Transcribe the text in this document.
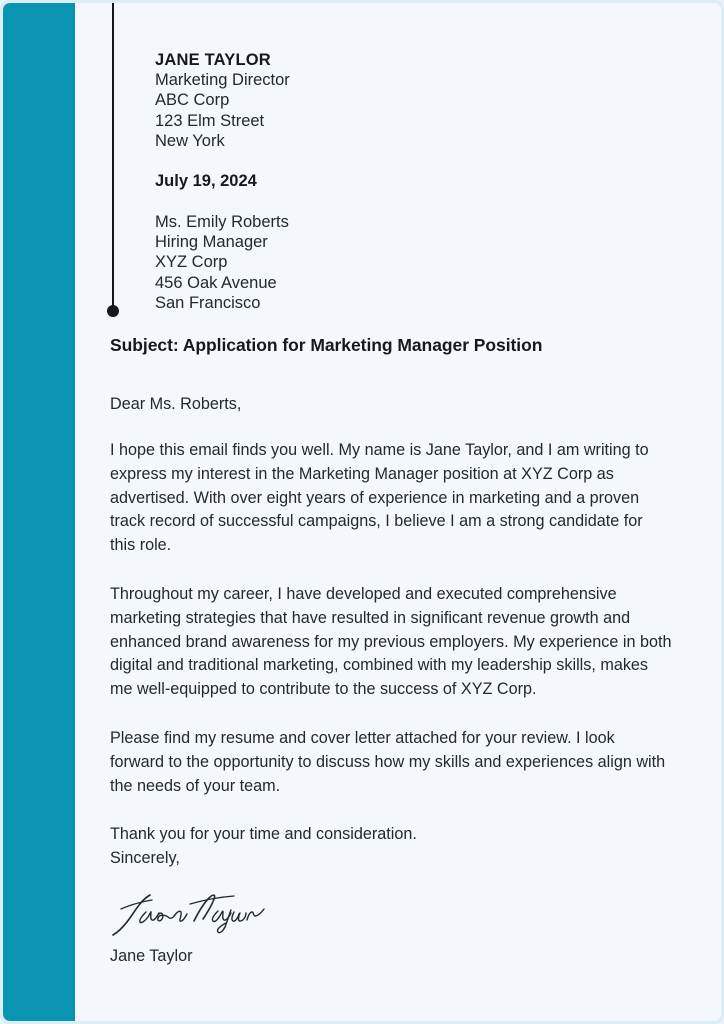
JANE TAYLOR
Marketing Director
ABC Corp
123 Elm Street
New York
July 19, 2024
Ms. Emily Roberts
Hiring Manager
XYZ Corp
456 Oak Avenue
San Francisco
Subject: Application for Marketing Manager Position
Dear Ms. Roberts,

I hope this email finds you well. My name is Jane Taylor, and I am writing to express my interest in the Marketing Manager position at XYZ Corp as advertised. With over eight years of experience in marketing and a proven track record of successful campaigns, I believe I am a strong candidate for this role.

Throughout my career, I have developed and executed comprehensive marketing strategies that have resulted in significant revenue growth and enhanced brand awareness for my previous employers. My experience in both digital and traditional marketing, combined with my leadership skills, makes me well-equipped to contribute to the success of XYZ Corp.

Please find my resume and cover letter attached for your review. I look forward to the opportunity to discuss how my skills and experiences align with the needs of your team.

Thank you for your time and consideration.
Sincerely,
Jane Taylor
